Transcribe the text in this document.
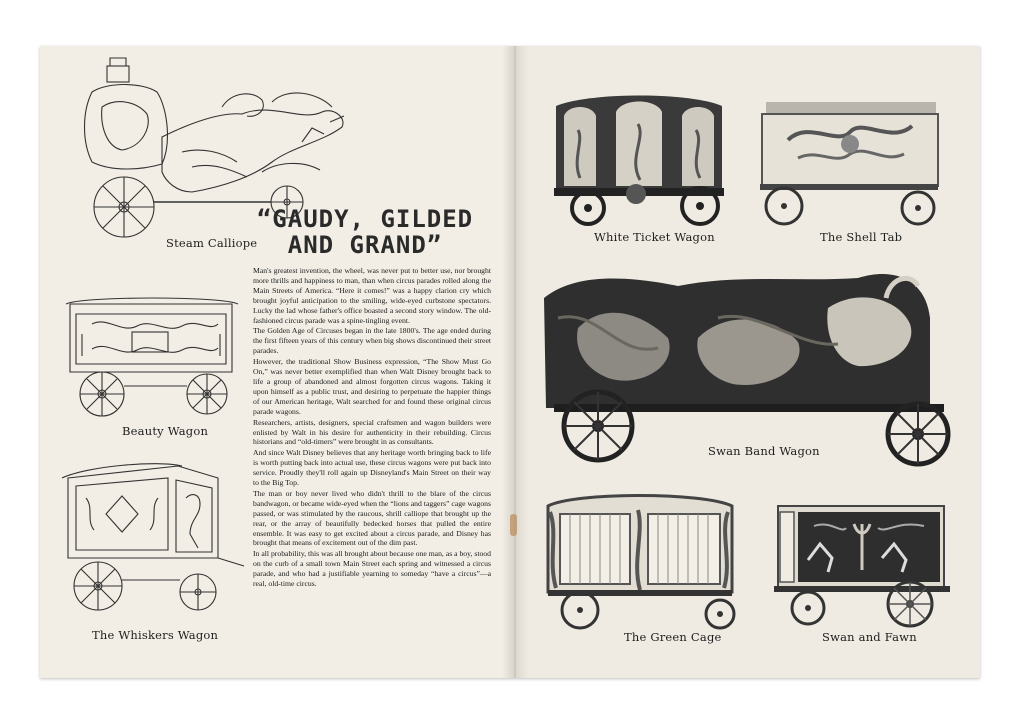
Steam Calliope
Beauty Wagon
The Whiskers Wagon
“GAUDY, GILDED
AND GRAND”

Man's greatest invention, the wheel, was never put to better use, nor brought more thrills and happiness to man, than when circus parades rolled along the Main Streets of America. “Here it comes!” was a happy clarion cry which brought joyful anticipation to the smiling, wide-eyed curbstone spectators. Lucky the lad whose father's office boasted a second story window. The old-fashioned circus parade was a spine-tingling event.

The Golden Age of Circuses began in the late 1800's. The age ended during the first fifteen years of this century when big shows discontinued their street parades.

However, the traditional Show Business expression, “The Show Must Go On,” was never better exemplified than when Walt Disney brought back to life a group of abandoned and almost forgotten circus wagons. Taking it upon himself as a public trust, and desiring to perpetuate the happier things of our American heritage, Walt searched for and found these original circus parade wagons.

Researchers, artists, designers, special craftsmen and wagon builders were enlisted by Walt in his desire for authenticity in their rebuilding. Circus historians and “old-timers” were brought in as consultants.

And since Walt Disney believes that any heritage worth bringing back to life is worth putting back into actual use, these circus wagons were put back into service. Proudly they'll roll again up Disneyland's Main Street on their way to the Big Top.

The man or boy never lived who didn't thrill to the blare of the circus bandwagon, or became wide-eyed when the “lions and taggers” cage wagons passed, or was stimulated by the raucous, shrill calliope that brought up the rear, or the array of beautifully bedecked horses that pulled the entire ensemble. It was easy to get excited about a circus parade, and Disney has brought that means of excitement out of the dim past.

In all probability, this was all brought about because one man, as a boy, stood on the curb of a small town Main Street each spring and witnessed a circus parade, and who had a justifiable yearning to someday “have a circus”—a real, old-time circus.

White Ticket Wagon	The Shell Tab
Swan Band Wagon
The Green Cage	Swan and Fawn
